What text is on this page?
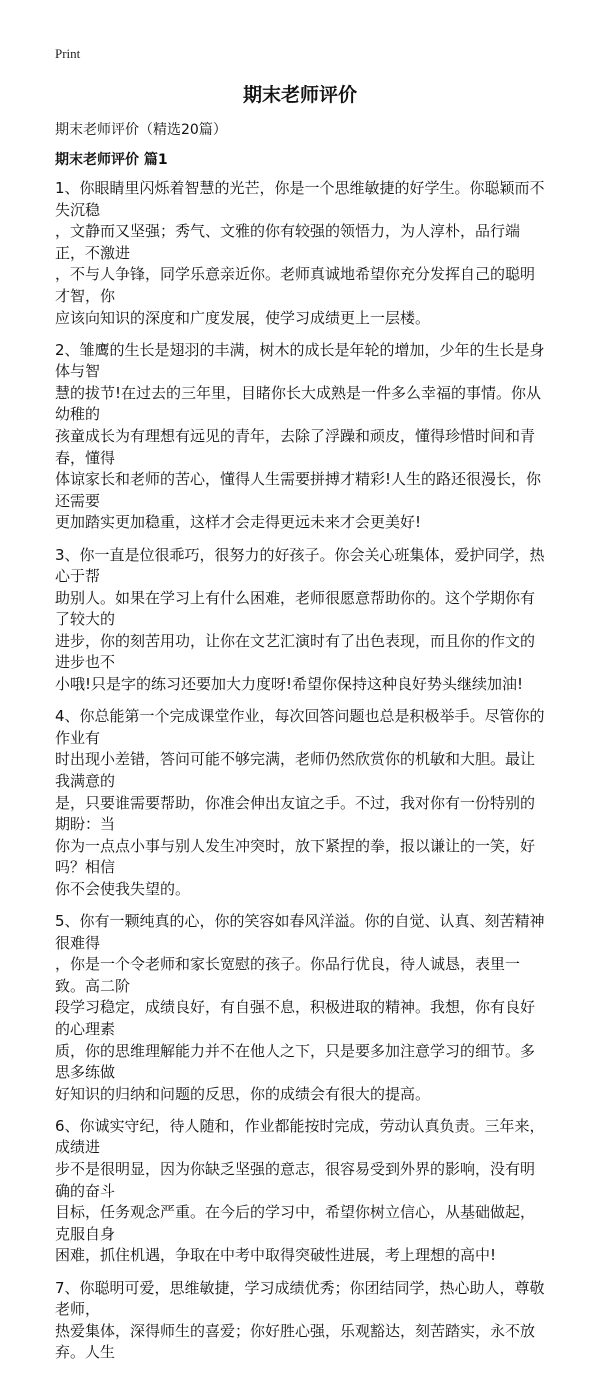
Print
期末老师评价
期末老师评价（精选20篇）
期末老师评价 篇1
1、你眼睛里闪烁着智慧的光芒，你是一个思维敏捷的好学生。你聪颖而不失沉稳
，文静而又坚强；秀气、文雅的你有较强的领悟力，为人淳朴，品行端正，不激进
，不与人争锋，同学乐意亲近你。老师真诚地希望你充分发挥自己的聪明才智，你
应该向知识的深度和广度发展，使学习成绩更上一层楼。
2、雏鹰的生长是翅羽的丰满，树木的成长是年轮的增加，少年的生长是身体与智
慧的拔节!在过去的三年里，目睹你长大成熟是一件多么幸福的事情。你从幼稚的
孩童成长为有理想有远见的青年，去除了浮躁和顽皮，懂得珍惜时间和青春，懂得
体谅家长和老师的苦心，懂得人生需要拼搏才精彩!人生的路还很漫长，你还需要
更加踏实更加稳重，这样才会走得更远未来才会更美好!
3、你一直是位很乖巧，很努力的好孩子。你会关心班集体，爱护同学，热心于帮
助别人。如果在学习上有什么困难，老师很愿意帮助你的。这个学期你有了较大的
进步，你的刻苦用功，让你在文艺汇演时有了出色表现，而且你的作文的进步也不
小哦!只是字的练习还要加大力度呀!希望你保持这种良好势头继续加油!
4、你总能第一个完成课堂作业，每次回答问题也总是积极举手。尽管你的作业有
时出现小差错，答问可能不够完满，老师仍然欣赏你的机敏和大胆。最让我满意的
是，只要谁需要帮助，你准会伸出友谊之手。不过，我对你有一份特别的期盼：当
你为一点点小事与别人发生冲突时，放下紧捏的拳，报以谦让的一笑，好吗？相信
你不会使我失望的。
5、你有一颗纯真的心，你的笑容如春风洋溢。你的自觉、认真、刻苦精神很难得
，你是一个令老师和家长宽慰的孩子。你品行优良，待人诚恳，表里一致。高二阶
段学习稳定，成绩良好，有自强不息，积极进取的精神。我想，你有良好的心理素
质，你的思维理解能力并不在他人之下，只是要多加注意学习的细节。多思多练做
好知识的归纳和问题的反思，你的成绩会有很大的提高。
6、你诚实守纪，待人随和，作业都能按时完成，劳动认真负责。三年来，成绩进
步不是很明显，因为你缺乏坚强的意志，很容易受到外界的影响，没有明确的奋斗
目标，任务观念严重。在今后的学习中，希望你树立信心，从基础做起，克服自身
困难，抓住机遇，争取在中考中取得突破性进展，考上理想的高中!
7、你聪明可爱，思维敏捷，学习成绩优秀；你团结同学，热心助人，尊敬老师，
热爱集体，深得师生的喜爱；你好胜心强，乐观豁达，刻苦踏实，永不放弃。人生
